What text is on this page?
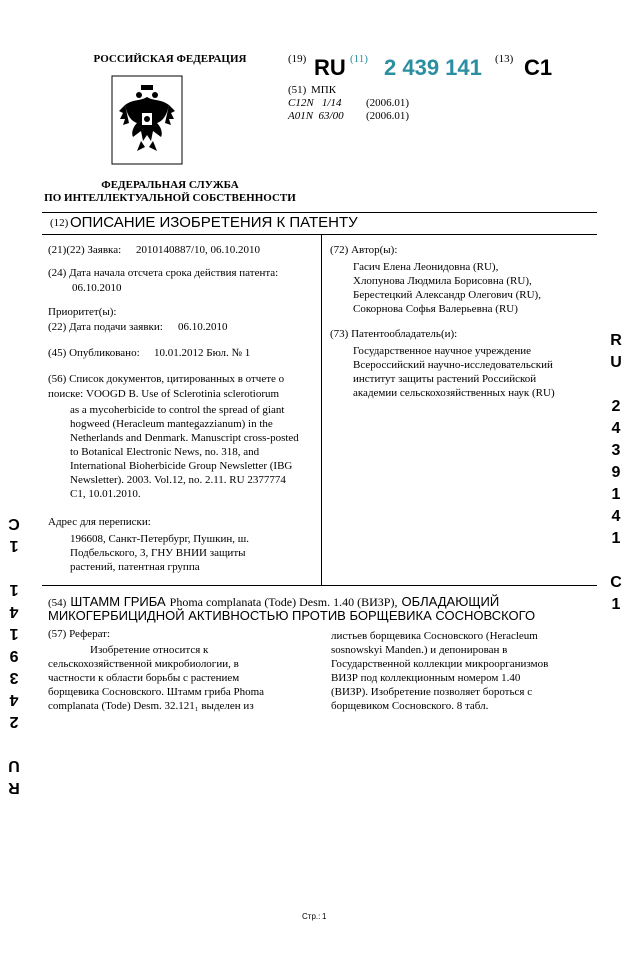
РОССИЙСКАЯ ФЕДЕРАЦИЯ
ФЕДЕРАЛЬНАЯ СЛУЖБА
ПО ИНТЕЛЛЕКТУАЛЬНОЙ СОБСТВЕННОСТИ
(19) RU (11) 2 439 141 (13) C1
(51) МПК
C12N   1/14 (2006.01)
A01N  63/00 (2006.01)
(12) ОПИСАНИЕ ИЗОБРЕТЕНИЯ К ПАТЕНТУ
(21)(22) Заявка: 2010140887/10, 06.10.2010
(24) Дата начала отсчета срока действия патента:
06.10.2010
Приоритет(ы):
(22) Дата подачи заявки: 06.10.2010
(45) Опубликовано: 10.01.2012 Бюл. № 1
(56) Список документов, цитированных в отчете о
поиске: VOOGD B. Use of Sclerotinia sclerotiorum
as a mycoherbicide to control the spread of giant
hogweed (Heracleum mantegazzianum) in the
Netherlands and Denmark. Manuscript cross-posted
to Botanical Electronic News, no. 318, and
International Bioherbicide Group Newsletter (IBG
Newsletter). 2003. Vol.12, no. 2.11. RU 2377774
C1, 10.01.2010.
Адрес для переписки:
196608, Санкт-Петербург, Пушкин, ш.
Подбельского, 3, ГНУ ВНИИ защиты
растений, патентная группа
(72) Автор(ы):
Гасич Елена Леонидовна (RU),
Хлопунова Людмила Борисовна (RU),
Берестецкий Александр Олегович (RU),
Сокорнова Софья Валерьевна (RU)
(73) Патентообладатель(и):
Государственное научное учреждение
Всероссийский научно-исследовательский
институт защиты растений Российской
академии сельскохозяйственных наук (RU)
(54) ШТАММ ГРИБА Phoma complanata (Tode) Desm. 1.40 (ВИЗР), ОБЛАДАЮЩИЙ
МИКОГЕРБИЦИДНОЙ АКТИВНОСТЬЮ ПРОТИВ БОРЩЕВИКА СОСНОВСКОГО
(57) Реферат:
Изобретение относится к
сельскохозяйственной микробиологии, в
частности к области борьбы с растением
борщевика Сосновского. Штамм гриба Phoma
complanata (Tode) Desm. 32.121₁ выделен из
листьев борщевика Сосновского (Heracleum
sosnowskyi Manden.) и депонирован в
Государственной коллекции микроорганизмов
ВИЗР под коллекционным номером 1.40
(ВИЗР). Изобретение позволяет бороться с
борщевиком Сосновского. 8 табл.
R
U
2
4
3
9
1
4
1
C
1
R
U
2
4
3
9
1
4
1
1
C
Стр.: 1
